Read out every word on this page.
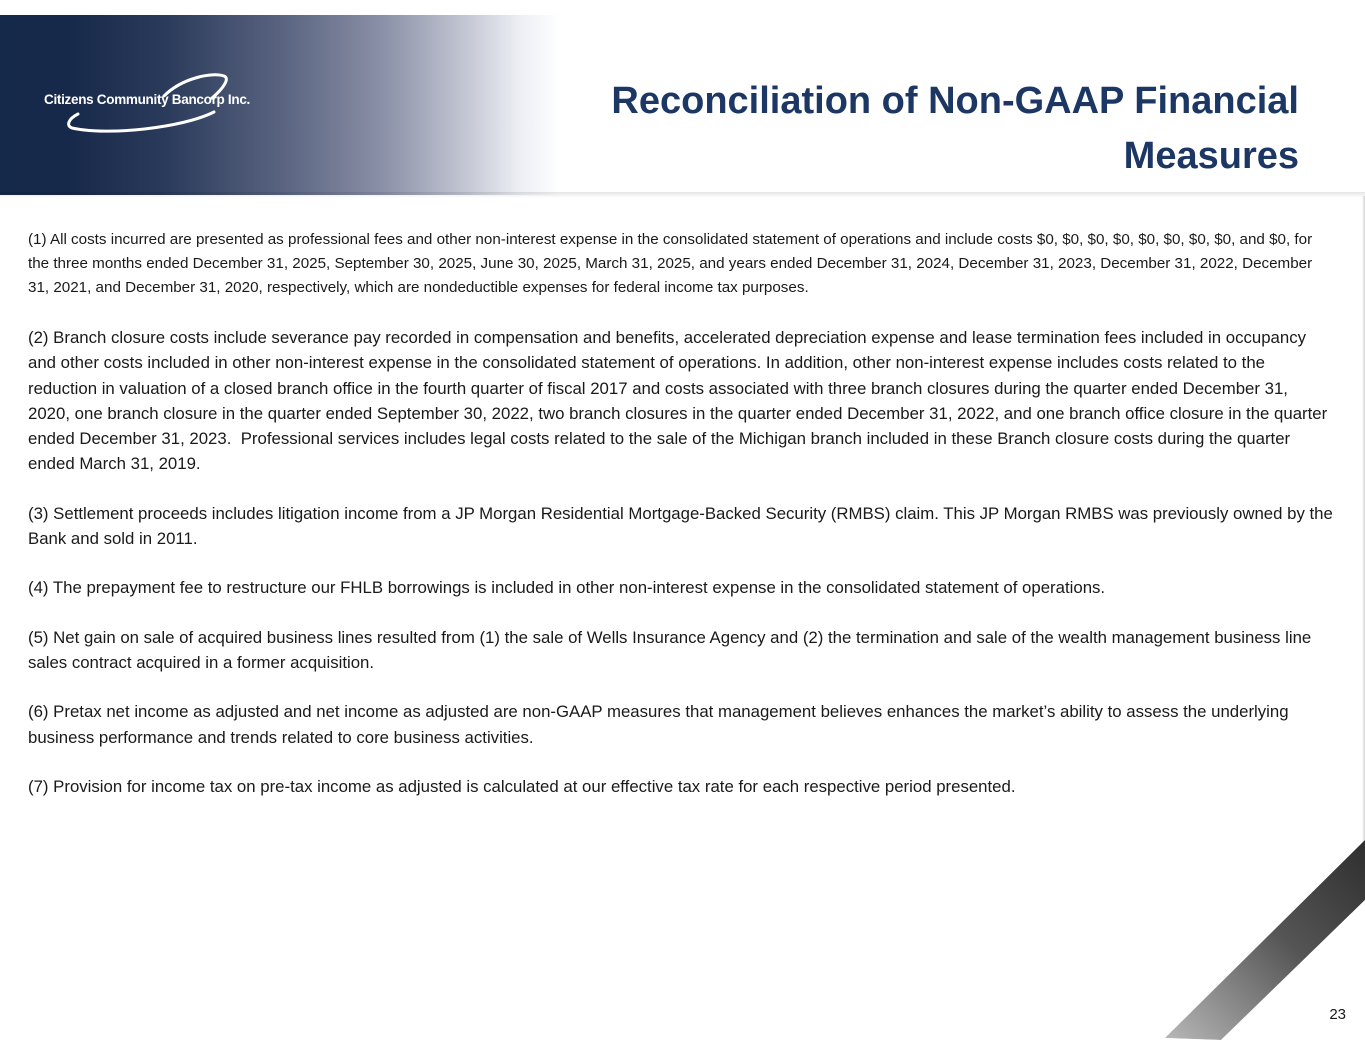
Citizens Community Bancorp Inc.	Reconciliation of Non-GAAP Financial Measures

(1) All costs incurred are presented as professional fees and other non-interest expense in the consolidated statement of operations and include costs $0, $0, $0, $0, $0, $0, $0, $0, and $0, for the three months ended December 31, 2025, September 30, 2025, June 30, 2025, March 31, 2025, and years ended December 31, 2024, December 31, 2023, December 31, 2022, December 31, 2021, and December 31, 2020, respectively, which are nondeductible expenses for federal income tax purposes.

(2) Branch closure costs include severance pay recorded in compensation and benefits, accelerated depreciation expense and lease termination fees included in occupancy and other costs included in other non-interest expense in the consolidated statement of operations. In addition, other non-interest expense includes costs related to the reduction in valuation of a closed branch office in the fourth quarter of fiscal 2017 and costs associated with three branch closures during the quarter ended December 31, 2020, one branch closure in the quarter ended September 30, 2022, two branch closures in the quarter ended December 31, 2022, and one branch office closure in the quarter ended December 31, 2023.  Professional services includes legal costs related to the sale of the Michigan branch included in these Branch closure costs during the quarter ended March 31, 2019.

(3) Settlement proceeds includes litigation income from a JP Morgan Residential Mortgage-Backed Security (RMBS) claim. This JP Morgan RMBS was previously owned by the Bank and sold in 2011.

(4) The prepayment fee to restructure our FHLB borrowings is included in other non-interest expense in the consolidated statement of operations.

(5) Net gain on sale of acquired business lines resulted from (1) the sale of Wells Insurance Agency and (2) the termination and sale of the wealth management business line sales contract acquired in a former acquisition.

(6) Pretax net income as adjusted and net income as adjusted are non-GAAP measures that management believes enhances the market’s ability to assess the underlying business performance and trends related to core business activities.

(7) Provision for income tax on pre-tax income as adjusted is calculated at our effective tax rate for each respective period presented.

23
